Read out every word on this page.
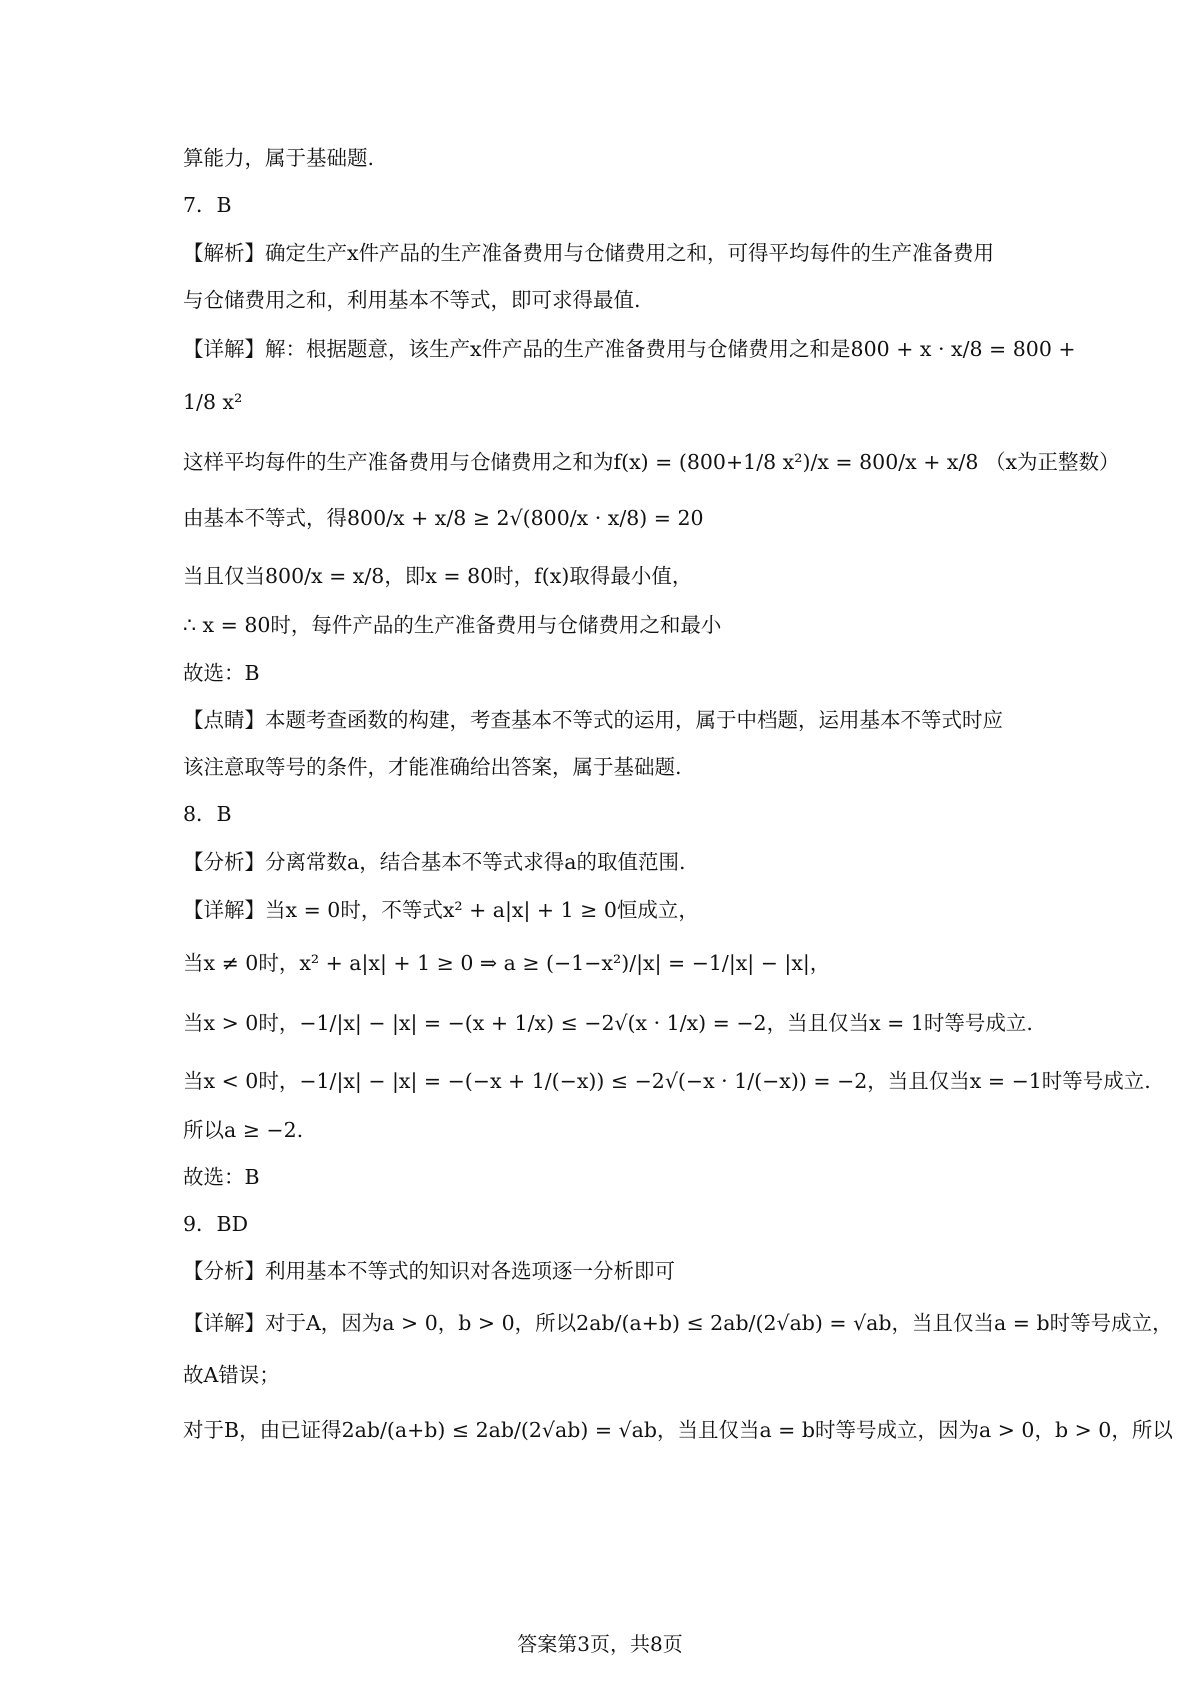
算能力，属于基础题.
7．B
【解析】确定生产x件产品的生产准备费用与仓储费用之和，可得平均每件的生产准备费用
与仓储费用之和，利用基本不等式，即可求得最值.
【详解】解：根据题意，该生产x件产品的生产准备费用与仓储费用之和是800 + x · x/8 = 800 +
1/8 x²
这样平均每件的生产准备费用与仓储费用之和为f(x) = (800+1/8 x²)/x = 800/x + x/8 （x为正整数）
由基本不等式，得800/x + x/8 ≥ 2√(800/x · x/8) = 20
当且仅当800/x = x/8，即x = 80时，f(x)取得最小值，
∴ x = 80时，每件产品的生产准备费用与仓储费用之和最小
故选：B
【点睛】本题考查函数的构建，考查基本不等式的运用，属于中档题，运用基本不等式时应
该注意取等号的条件，才能准确给出答案，属于基础题.
8．B
【分析】分离常数a，结合基本不等式求得a的取值范围.
【详解】当x = 0时，不等式x² + a|x| + 1 ≥ 0恒成立，
当x ≠ 0时，x² + a|x| + 1 ≥ 0 ⇒ a ≥ (−1−x²)/|x| = −1/|x| − |x|，
当x > 0时，−1/|x| − |x| = −(x + 1/x) ≤ −2√(x · 1/x) = −2，当且仅当x = 1时等号成立.
当x < 0时，−1/|x| − |x| = −(−x + 1/(−x)) ≤ −2√(−x · 1/(−x)) = −2，当且仅当x = −1时等号成立.
所以a ≥ −2.
故选：B
9．BD
【分析】利用基本不等式的知识对各选项逐一分析即可
【详解】对于A，因为a > 0，b > 0，所以2ab/(a+b) ≤ 2ab/(2√ab) = √ab，当且仅当a = b时等号成立，
故A错误；
对于B，由已证得2ab/(a+b) ≤ 2ab/(2√ab) = √ab，当且仅当a = b时等号成立，因为a > 0，b > 0，所以
答案第3页，共8页
